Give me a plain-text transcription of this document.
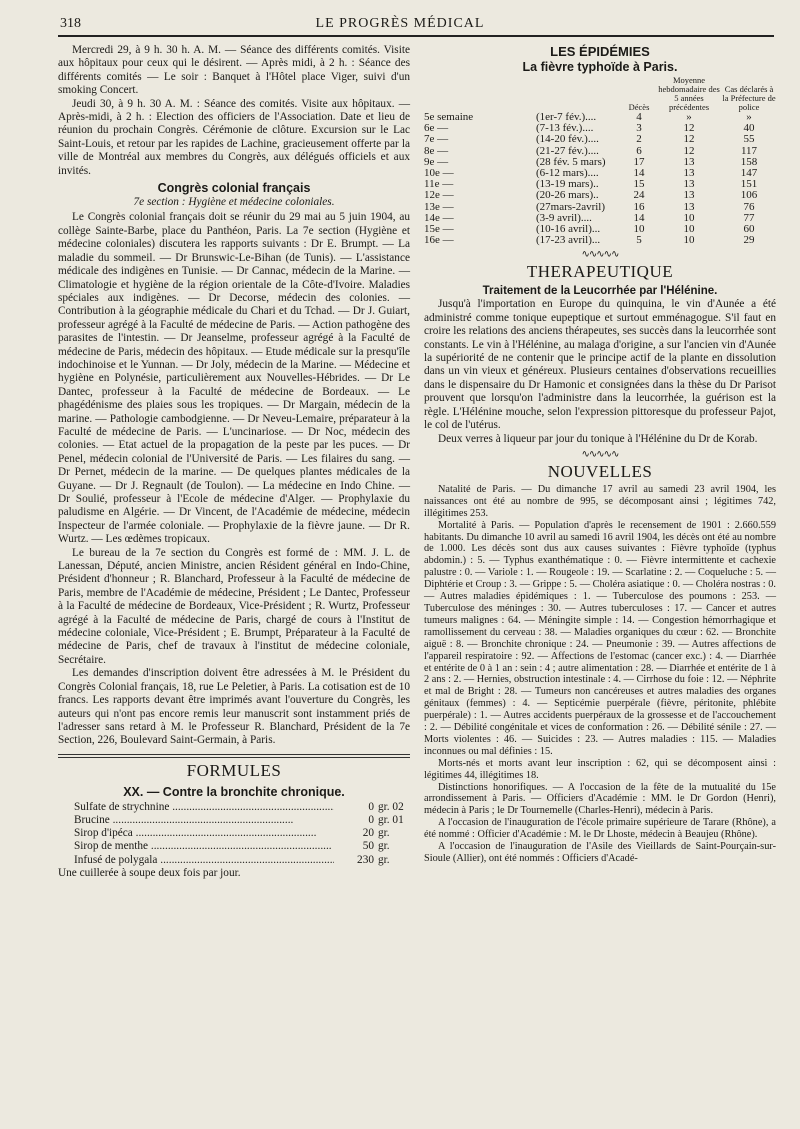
318	LE PROGRÈS MÉDICAL

Mercredi 29, à 9 h. 30 h. A. M. — Séance des différents comités. Visite aux hôpitaux pour ceux qui le désirent. — Après midi, à 2 h. : Séance des différents comités — Le soir : Banquet à l'Hôtel place Viger, suivi d'un smoking Concert.

Jeudi 30, à 9 h. 30 A. M. : Séance des comités. Visite aux hôpitaux. — Après-midi, à 2 h. : Election des officiers de l'Association. Date et lieu de réunion du prochain Congrès. Cérémonie de clôture. Excursion sur le Lac Saint-Louis, et retour par les rapides de Lachine, gracieusement offerte par la ville de Montréal aux membres du Congrès, aux délégués officiels et aux invités.

Congrès colonial français
7e section : Hygiène et médecine coloniales.

Le Congrès colonial français doit se réunir du 29 mai au 5 juin 1904, au collège Sainte-Barbe, place du Panthéon, Paris. La 7e section (Hygiène et médecine coloniales) discutera les rapports suivants : Dr E. Brumpt. — La maladie du sommeil. — Dr Brunswic-Le-Bihan (de Tunis). — L'assistance médicale des indigènes en Tunisie. — Dr Cannac, médecin de la Marine. — Climatologie et hygiène de la région orientale de la Côte-d'Ivoire. Maladies spéciales aux indigènes. — Dr Decorse, médecin des colonies. — Contribution à la géographie médicale du Chari et du Tchad. — Dr J. Guiart, professeur agrégé à la Faculté de médecine de Paris. — Action pathogène des parasites de l'intestin. — Dr Jeanselme, professeur agrégé à la Faculté de médecine de Paris, médecin des hôpitaux. — Etude médicale sur la presqu'île indochinoise et le Yunnan. — Dr Joly, médecin de la Marine. — Médecine et hygiène en Polynésie, particulièrement aux Nouvelles-Hébrides. — Dr Le Dantec, professeur à la Faculté de médecine de Bordeaux. — Le phagédénisme des plaies sous les tropiques. — Dr Margain, médecin de la marine. — Pathologie cambodgienne. — Dr Neveu-Lemaire, préparateur à la Faculté de médecine de Paris. — L'uncinariose. — Dr Noc, médecin des colonies. — Etat actuel de la propagation de la peste par les puces. — Dr Penel, médecin colonial de l'Université de Paris. — Les filaires du sang. — Dr Pernet, médecin de la marine. — De quelques plantes médicales de la Guyane. — Dr J. Regnault (de Toulon). — La médecine en Indo Chine. — Dr Soulié, professeur à l'Ecole de médecine d'Alger. — Prophylaxie du paludisme en Algérie. — Dr Vincent, de l'Académie de médecine, médecin Inspecteur de l'armée coloniale. — Prophylaxie de la fièvre jaune. — Dr R. Wurtz. — Les œdèmes tropicaux.

Le bureau de la 7e section du Congrès est formé de : MM. J. L. de Lanessan, Député, ancien Ministre, ancien Résident général en Indo-Chine, Président d'honneur ; R. Blanchard, Professeur à la Faculté de médecine de Paris, membre de l'Académie de médecine, Président ; Le Dantec, Professeur à la Faculté de médecine de Bordeaux, Vice-Président ; R. Wurtz, Professeur agrégé à la Faculté de médecine de Paris, chargé de cours à l'Institut de médecine coloniale, Vice-Président ; E. Brumpt, Préparateur à la Faculté de médecine de Paris, chef de travaux à l'institut de médecine coloniale, Secrétaire.

Les demandes d'inscription doivent être adressées à M. le Président du Congrès Colonial français, 18, rue Le Peletier, à Paris. La cotisation est de 10 francs. Les rapports devant être imprimés avant l'ouverture du Congrès, les auteurs qui n'ont pas encore remis leur manuscrit sont instamment priés de l'adresser sans retard à M. le Professeur R. Blanchard, Président de la 7e Section, 226, Boulevard Saint-Germain, à Paris.

FORMULES
XX. — Contre la bronchite chronique.
Sulfate de strychnine .....	0 gr. 02
Brucine .....	0 gr. 01
Sirop d'ipéca .....	20 gr.
Sirop de menthe .....	50 gr.
Infusé de polygala .....	230 gr.

Une cuillerée à soupe deux fois par jour.

LES ÉPIDÉMIES
La fièvre typhoïde à Paris.
		Décès	Moyenne hebdomadaire des 5 années précédentes	Cas déclarés à la Préfecture de police
5e semaine	(1er-7 fév.)....	4	»	»
6e —	(7-13 fév.)....	3	12	40
7e —	(14-20 fév.)....	2	12	55
8e —	(21-27 fév.)....	6	12	117
9e —	(28 fév. 5 mars)	17	13	158
10e —	(6-12 mars)....	14	13	147
11e —	(13-19 mars)..	15	13	151
12e —	(20-26 mars)..	24	13	106
13e —	(27mars-2avril)	16	13	76
14e —	(3-9 avril)....	14	10	77
15e —	(10-16 avril)...	10	10	60
16e —	(17-23 avril)...	5	10	29
∿∿∿∿∿
THERAPEUTIQUE
Traitement de la Leucorrhée par l'Hélénine.

Jusqu'à l'importation en Europe du quinquina, le vin d'Aunée a été administré comme tonique eupeptique et surtout emménagogue. S'il faut en croire les relations des anciens thérapeutes, ses succès dans la leucorrhée sont constants. Le vin à l'Hélénine, au malaga d'origine, a sur l'ancien vin d'Aunée la supériorité de ne contenir que le principe actif de la plante en dissolution dans un vin vieux et généreux. Plusieurs centaines d'observations recueillies dans le dispensaire du Dr Hamonic et consignées dans la thèse du Dr Parisot prouvent que lorsqu'on l'administre dans la leucorrhée, la guérison est la règle. L'Hélénine mouche, selon l'expression pittoresque du professeur Pajot, le col de l'utérus.

Deux verres à liqueur par jour du tonique à l'Hélénine du Dr de Korab.

∿∿∿∿∿
NOUVELLES

Natalité de Paris. — Du dimanche 17 avril au samedi 23 avril 1904, les naissances ont été au nombre de 995, se décomposant ainsi ; légitimes 742, illégitimes 253.

Mortalité à Paris. — Population d'après le recensement de 1901 : 2.660.559 habitants. Du dimanche 10 avril au samedi 16 avril 1904, les décès ont été au nombre de 1.000. Les décès sont dus aux causes suivantes : Fièvre typhoïde (typhus abdomin.) : 5. — Typhus exanthématique : 0. — Fièvre intermittente et cachexie palustre : 0. — Variole : 1. — Rougeole : 19. — Scarlatine : 2. — Coqueluche : 5. — Diphtérie et Croup : 3. — Grippe : 5. — Choléra asiatique : 0. — Choléra nostras : 0. — Autres maladies épidémiques : 1. — Tuberculose des poumons : 253. — Tuberculose des méninges : 30. — Autres tuberculoses : 17. — Cancer et autres tumeurs malignes : 64. — Méningite simple : 14. — Congestion hémorrhagique et ramollissement du cerveau : 38. — Maladies organiques du cœur : 62. — Bronchite aiguë : 8. — Bronchite chronique : 24. — Pneumonie : 39. — Autres affections de l'appareil respiratoire : 92. — Affections de l'estomac (cancer exc.) : 4. — Diarrhée et entérite de 0 à 1 an : sein : 4 ; autre alimentation : 28. — Diarrhée et entérite de 1 à 2 ans : 2. — Hernies, obstruction intestinale : 4. — Cirrhose du foie : 12. — Néphrite et mal de Bright : 28. — Tumeurs non cancéreuses et autres maladies des organes génitaux (femmes) : 4. — Septicémie puerpérale (fièvre, péritonite, phlébite puerpérale) : 1. — Autres accidents puerpéraux de la grossesse et de l'accouchement : 2. — Débilité congénitale et vices de conformation : 26. — Débilité sénile : 27. — Morts violentes : 46. — Suicides : 23. — Autres maladies : 115. — Maladies inconnues ou mal définies : 15.

Morts-nés et morts avant leur inscription : 62, qui se décomposent ainsi : légitimes 44, illégitimes 18.

Distinctions honorifiques. — A l'occasion de la fête de la mutualité du 15e arrondissement à Paris. — Officiers d'Académie : MM. le Dr Gordon (Henri), médecin à Paris ; le Dr Tournemelle (Charles-Henri), médecin à Paris.

A l'occasion de l'inauguration de l'école primaire supérieure de Tarare (Rhône), a été nommé : Officier d'Académie : M. le Dr Lhoste, médecin à Beaujeu (Rhône).

A l'occasion de l'inauguration de l'Asile des Vieillards de Saint-Pourçain-sur-Sioule (Allier), ont été nommés : Officiers d'Acadé-
